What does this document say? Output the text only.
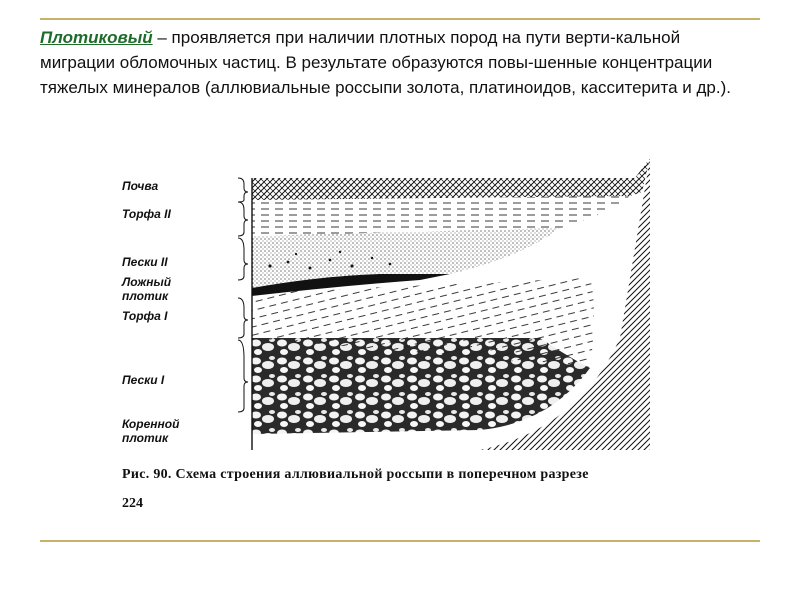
Плотиковый – проявляется при наличии плотных пород на пути верти-кальной миграции обломочных частиц. В результате образуются повы-шенные концентрации тяжелых минералов (аллювиальные россыпи золота, платиноидов, касситерита и др.).

Почва
Торфа II
Пески II
Ложный
плотик
Торфа I
Пески I
Коренной
плотик
Рис. 90. Схема строения аллювиальной россыпи в поперечном разрезе
224
